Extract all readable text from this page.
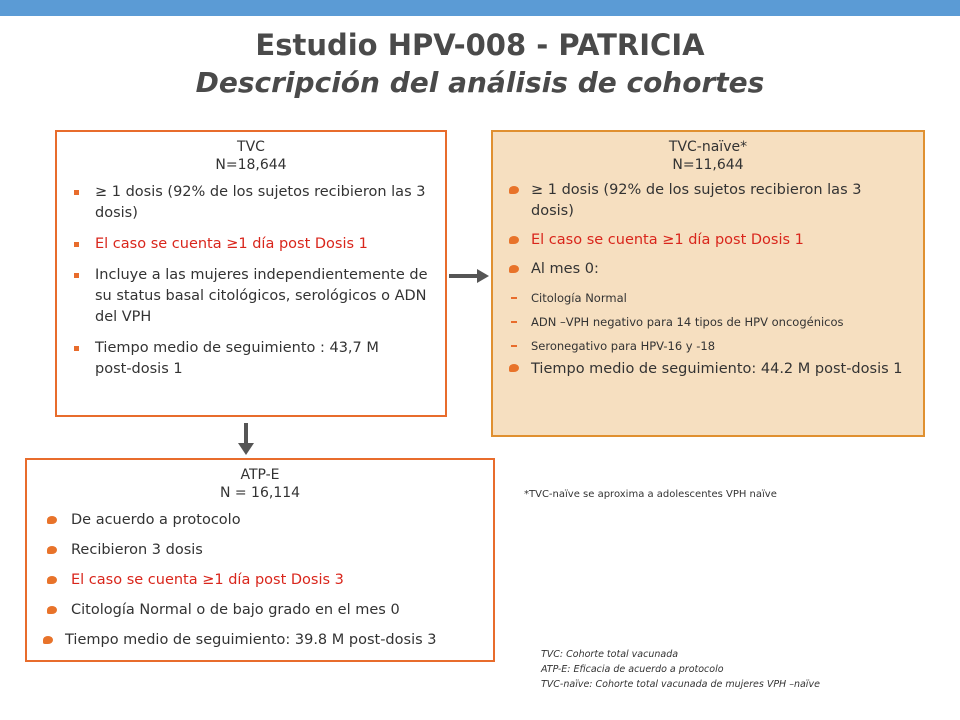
Estudio HPV-008 - PATRICIA
Descripción del análisis de cohortes
TVC
N=18,644
≥ 1 dosis (92% de los sujetos recibieron las 3 dosis)
El caso se cuenta ≥1 día post Dosis 1
Incluye a las mujeres independientemente de su status basal citológicos, serológicos o ADN del VPH
Tiempo medio de seguimiento : 43,7 M post-dosis 1
TVC-naïve*
N=11,644
≥ 1 dosis (92% de los sujetos recibieron las 3 dosis)
El caso se cuenta ≥1 día post Dosis 1
Al mes 0:
Citología Normal
ADN –VPH negativo para 14 tipos de HPV oncogénicos
Seronegativo para HPV-16 y -18
Tiempo medio de seguimiento: 44.2 M post-dosis 1
ATP-E
N = 16,114
De acuerdo a protocolo
Recibieron 3 dosis
El caso se cuenta ≥1 día post Dosis 3
Citología Normal o de bajo grado en el mes 0
Tiempo medio de seguimiento: 39.8 M post-dosis 3
*TVC-naïve se aproxima a adolescentes VPH naïve
TVC: Cohorte total vacunada
ATP-E: Eficacia de acuerdo a protocolo
TVC-naïve: Cohorte total vacunada de mujeres VPH –naïve
